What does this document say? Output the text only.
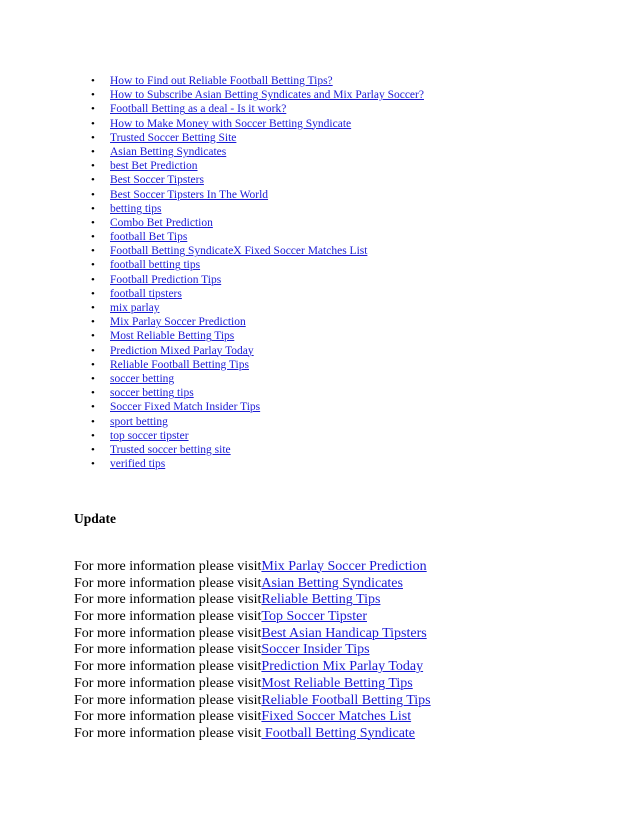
• How to Find out Reliable Football Betting Tips?
• How to Subscribe Asian Betting Syndicates and Mix Parlay Soccer?
• Football Betting as a deal - Is it work?
• How to Make Money with Soccer Betting Syndicate
• Trusted Soccer Betting Site
• Asian Betting Syndicates
• best Bet Prediction
• Best Soccer Tipsters
• Best Soccer Tipsters In The World
• betting tips
• Combo Bet Prediction
• football Bet Tips
• Football Betting SyndicateX Fixed Soccer Matches List
• football betting tips
• Football Prediction Tips
• football tipsters
• mix parlay
• Mix Parlay Soccer Prediction
• Most Reliable Betting Tips
• Prediction Mixed Parlay Today
• Reliable Football Betting Tips
• soccer betting
• soccer betting tips
• Soccer Fixed Match Insider Tips
• sport betting
• top soccer tipster
• Trusted soccer betting site
• verified tips
Update
For more information please visitMix Parlay Soccer Prediction
For more information please visitAsian Betting Syndicates
For more information please visitReliable Betting Tips
For more information please visitTop Soccer Tipster
For more information please visitBest Asian Handicap Tipsters
For more information please visitSoccer Insider Tips
For more information please visitPrediction Mix Parlay Today
For more information please visitMost Reliable Betting Tips
For more information please visitReliable Football Betting Tips
For more information please visitFixed Soccer Matches List
For more information please visit Football Betting Syndicate
